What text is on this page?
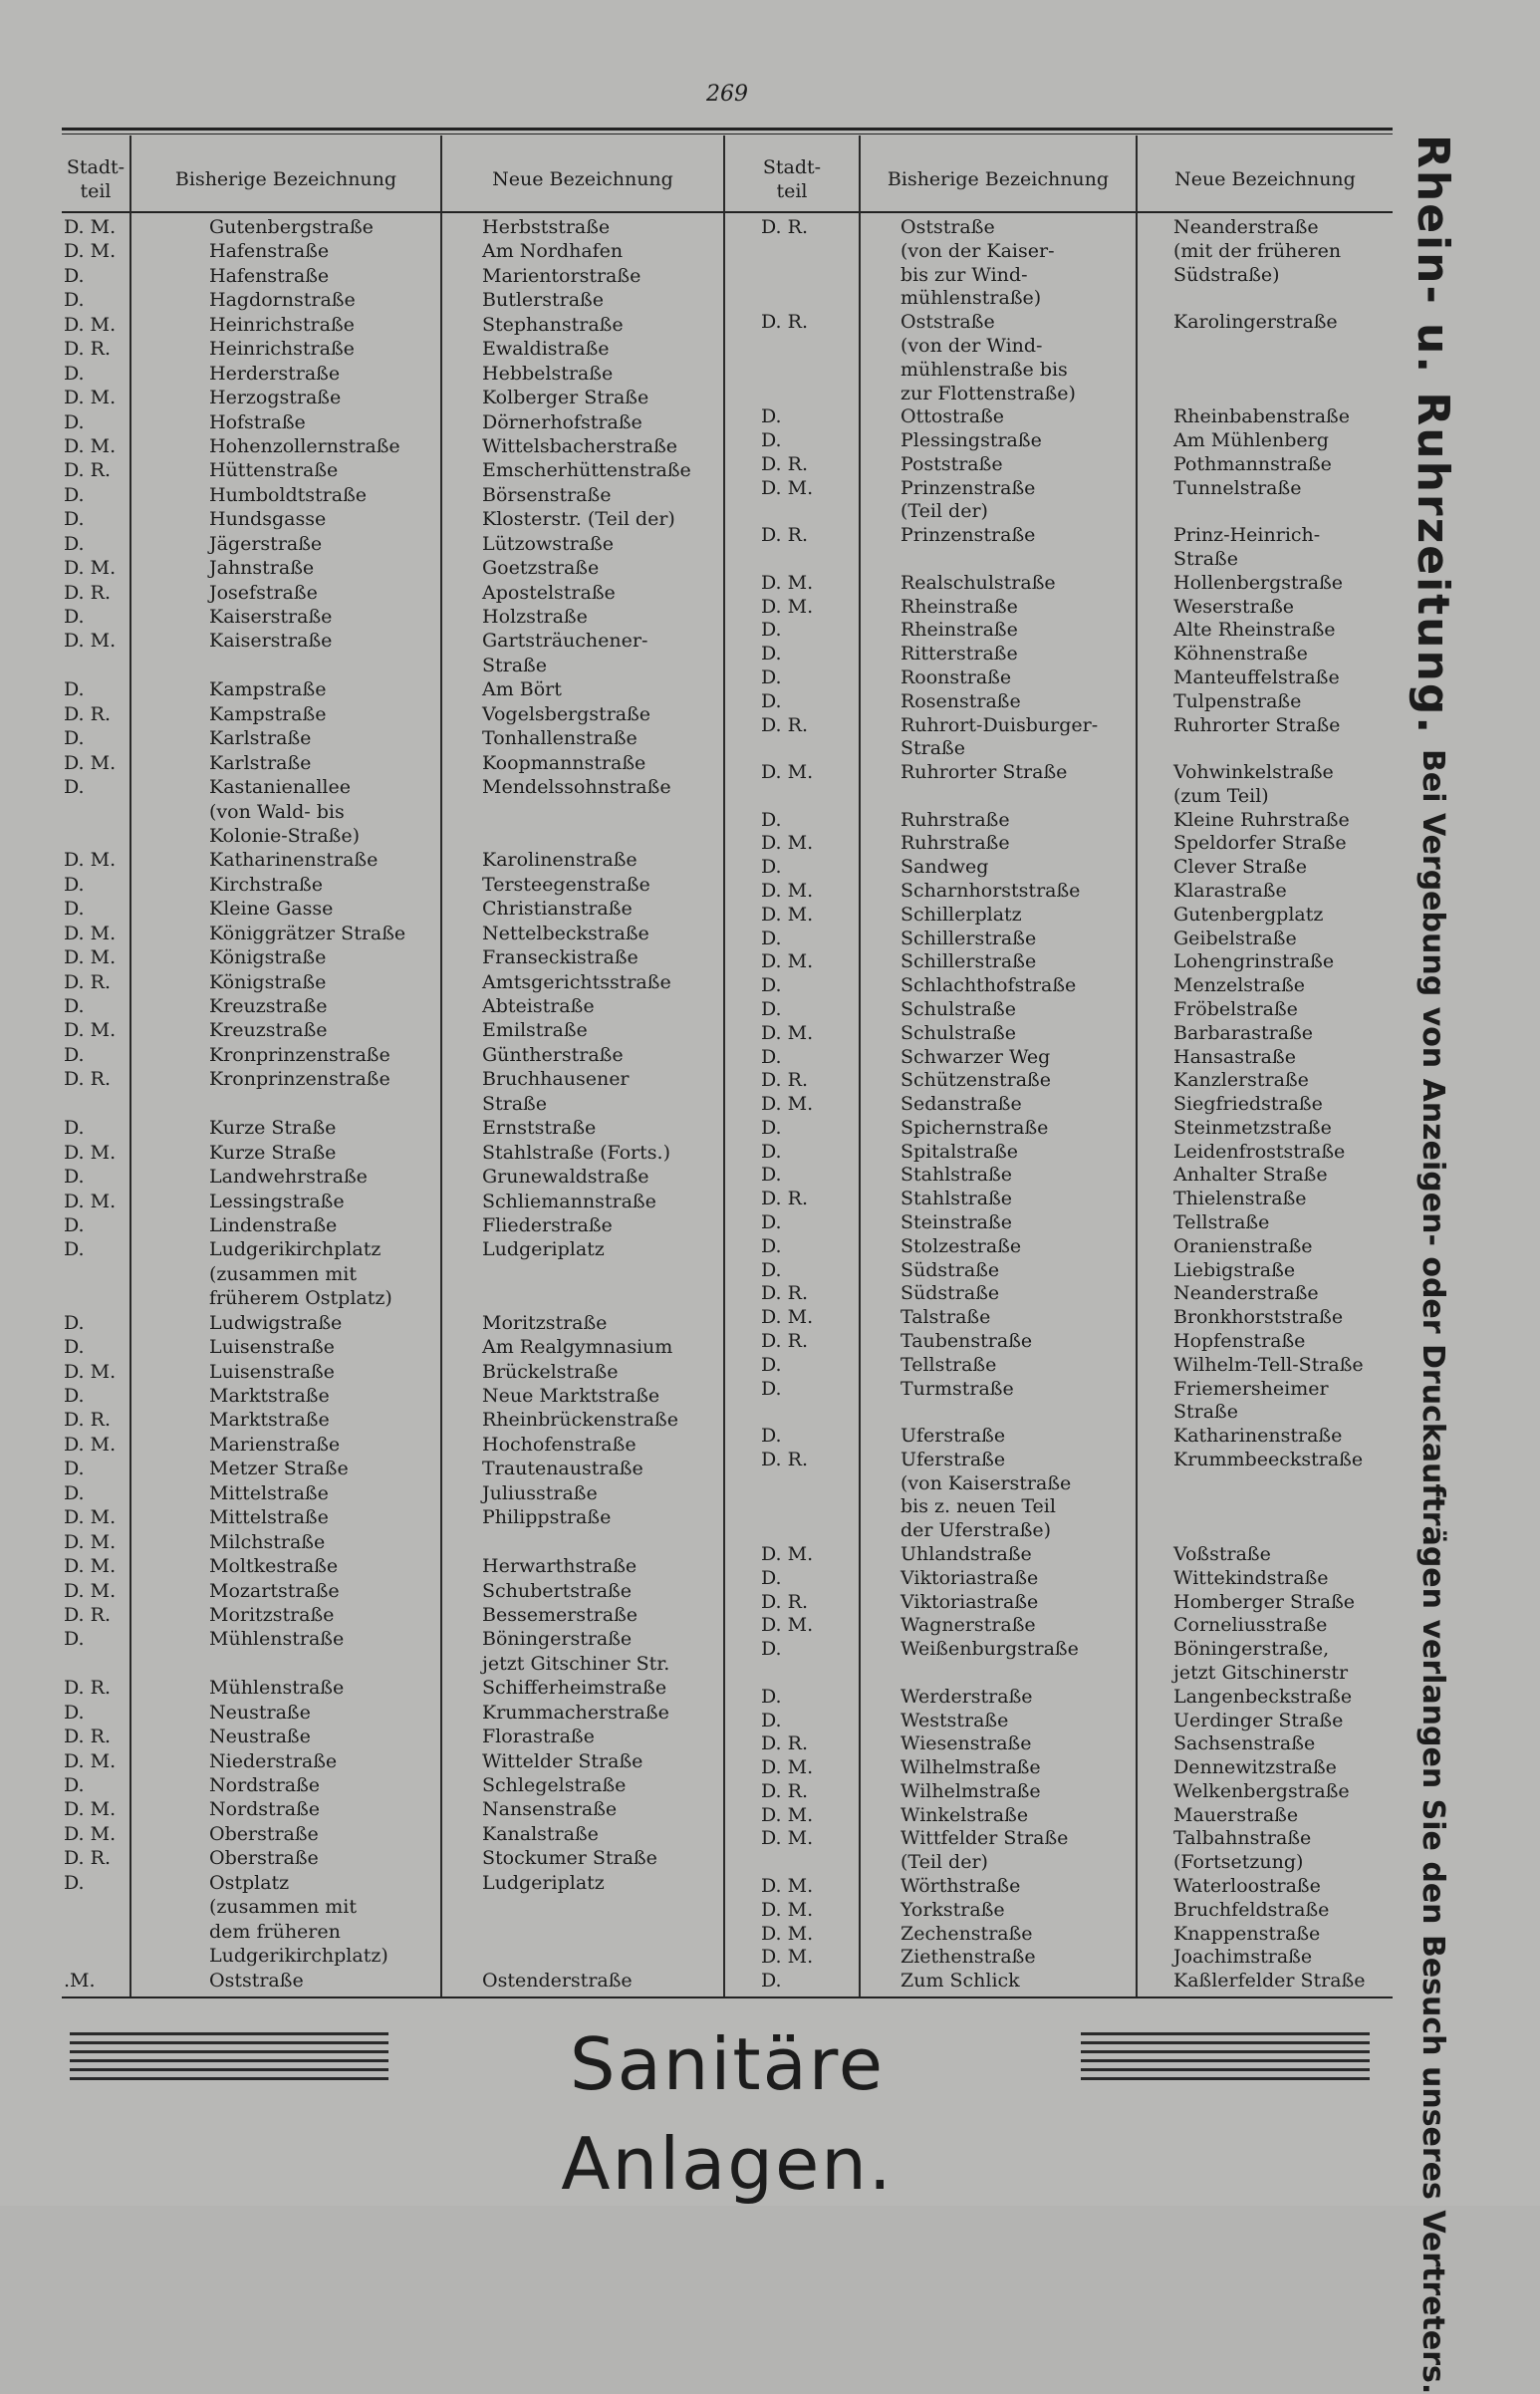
269
Stadt-
teil
Bisherige Bezeichnung	Neue Bezeichnung
Stadt-
teil
Bisherige Bezeichnung	Neue Bezeichnung
D. M.	Gutenbergstraße	Herbststraße
D. M.	Hafenstraße	Am Nordhafen
D.	Hafenstraße	Marientorstraße
D.	Hagdornstraße	Butlerstraße
D. M.	Heinrichstraße	Stephanstraße
D. R.	Heinrichstraße	Ewaldistraße
D.	Herderstraße	Hebbelstraße
D. M.	Herzogstraße	Kolberger Straße
D.	Hofstraße	Dörnerhofstraße
D. M.	Hohenzollernstraße	Wittelsbacherstraße
D. R.	Hüttenstraße	Emscherhüttenstraße
D.	Humboldtstraße	Börsenstraße
D.	Hundsgasse	Klosterstr. (Teil der)
D.	Jägerstraße	Lützowstraße
D. M.	Jahnstraße	Goetzstraße
D. R.	Josefstraße	Apostelstraße
D.	Kaiserstraße	Holzstraße
D. M.	Kaiserstraße	Gartsträuchener-
Straße
D.	Kampstraße	Am Bört
D. R.	Kampstraße	Vogelsbergstraße
D.	Karlstraße	Tonhallenstraße
D. M.	Karlstraße	Koopmannstraße
D.	Kastanienallee	Mendelssohnstraße
(von Wald- bis
Kolonie-Straße)
D. M.	Katharinenstraße	Karolinenstraße
D.	Kirchstraße	Tersteegenstraße
D.	Kleine Gasse	Christianstraße
D. M.	Königgrätzer Straße	Nettelbeckstraße
D. M.	Königstraße	Franseckistraße
D. R.	Königstraße	Amtsgerichtsstraße
D.	Kreuzstraße	Abteistraße
D. M.	Kreuzstraße	Emilstraße
D.	Kronprinzenstraße	Güntherstraße
D. R.	Kronprinzenstraße	Bruchhausener
Straße
D.	Kurze Straße	Ernststraße
D. M.	Kurze Straße	Stahlstraße (Forts.)
D.	Landwehrstraße	Grunewaldstraße
D. M.	Lessingstraße	Schliemannstraße
D.	Lindenstraße	Fliederstraße
D.	Ludgerikirchplatz	Ludgeriplatz
(zusammen mit
früherem Ostplatz)
D.	Ludwigstraße	Moritzstraße
D.	Luisenstraße	Am Realgymnasium
D. M.	Luisenstraße	Brückelstraße
D.	Marktstraße	Neue Marktstraße
D. R.	Marktstraße	Rheinbrückenstraße
D. M.	Marienstraße	Hochofenstraße
D.	Metzer Straße	Trautenaustraße
D.	Mittelstraße	Juliusstraße
D. M.	Mittelstraße	Philippstraße
D. M.	Milchstraße
D. M.	Moltkestraße	Herwarthstraße
D. M.	Mozartstraße	Schubertstraße
D. R.	Moritzstraße	Bessemerstraße
D.	Mühlenstraße	Böningerstraße
jetzt Gitschiner Str.
D. R.	Mühlenstraße	Schifferheimstraße
D.	Neustraße	Krummacherstraße
D. R.	Neustraße	Florastraße
D. M.	Niederstraße	Wittelder Straße
D.	Nordstraße	Schlegelstraße
D. M.	Nordstraße	Nansenstraße
D. M.	Oberstraße	Kanalstraße
D. R.	Oberstraße	Stockumer Straße
D.	Ostplatz	Ludgeriplatz
(zusammen mit
dem früheren
Ludgerikirchplatz)
.M.	Oststraße	Ostenderstraße
D. R.	Oststraße	Neanderstraße
(von der Kaiser-	(mit der früheren
bis zur Wind-	Südstraße)
mühlenstraße)
D. R.	Oststraße	Karolingerstraße
(von der Wind-
mühlenstraße bis
zur Flottenstraße)
D.	Ottostraße	Rheinbabenstraße
D.	Plessingstraße	Am Mühlenberg
D. R.	Poststraße	Pothmannstraße
D. M.	Prinzenstraße	Tunnelstraße
(Teil der)
D. R.	Prinzenstraße	Prinz-Heinrich-
Straße
D. M.	Realschulstraße	Hollenbergstraße
D. M.	Rheinstraße	Weserstraße
D.	Rheinstraße	Alte Rheinstraße
D.	Ritterstraße	Köhnenstraße
D.	Roonstraße	Manteuffelstraße
D.	Rosenstraße	Tulpenstraße
D. R.	Ruhrort-Duisburger-	Ruhrorter Straße
Straße
D. M.	Ruhrorter Straße	Vohwinkelstraße
(zum Teil)
D.	Ruhrstraße	Kleine Ruhrstraße
D. M.	Ruhrstraße	Speldorfer Straße
D.	Sandweg	Clever Straße
D. M.	Scharnhorststraße	Klarastraße
D. M.	Schillerplatz	Gutenbergplatz
D.	Schillerstraße	Geibelstraße
D. M.	Schillerstraße	Lohengrinstraße
D.	Schlachthofstraße	Menzelstraße
D.	Schulstraße	Fröbelstraße
D. M.	Schulstraße	Barbarastraße
D.	Schwarzer Weg	Hansastraße
D. R.	Schützenstraße	Kanzlerstraße
D. M.	Sedanstraße	Siegfriedstraße
D.	Spichernstraße	Steinmetzstraße
D.	Spitalstraße	Leidenfroststraße
D.	Stahlstraße	Anhalter Straße
D. R.	Stahlstraße	Thielenstraße
D.	Steinstraße	Tellstraße
D.	Stolzestraße	Oranienstraße
D.	Südstraße	Liebigstraße
D. R.	Südstraße	Neanderstraße
D. M.	Talstraße	Bronkhorststraße
D. R.	Taubenstraße	Hopfenstraße
D.	Tellstraße	Wilhelm-Tell-Straße
D.	Turmstraße	Friemersheimer
Straße
D.	Uferstraße	Katharinenstraße
D. R.	Uferstraße	Krummbeeckstraße
(von Kaiserstraße
bis z. neuen Teil
der Uferstraße)
D. M.	Uhlandstraße	Voßstraße
D.	Viktoriastraße	Wittekindstraße
D. R.	Viktoriastraße	Homberger Straße
D. M.	Wagnerstraße	Corneliusstraße
D.	Weißenburgstraße	Böningerstraße,
jetzt Gitschinerstr
D.	Werderstraße	Langenbeckstraße
D.	Weststraße	Uerdinger Straße
D. R.	Wiesenstraße	Sachsenstraße
D. M.	Wilhelmstraße	Dennewitzstraße
D. R.	Wilhelmstraße	Welkenbergstraße
D. M.	Winkelstraße	Mauerstraße
D. M.	Wittfelder Straße	Talbahnstraße
(Teil der)	(Fortsetzung)
D. M.	Wörthstraße	Waterloostraße
D. M.	Yorkstraße	Bruchfeldstraße
D. M.	Zechenstraße	Knappenstraße
D. M.	Ziethenstraße	Joachimstraße
D.	Zum Schlick	Kaßlerfelder Straße
Rhein- u. Ruhrzeitung.
Bei Vergebung von Anzeigen- oder Druckaufträgen verlangen Sie den Besuch unseres Vertreters.
Sanitäre Anlagen.
